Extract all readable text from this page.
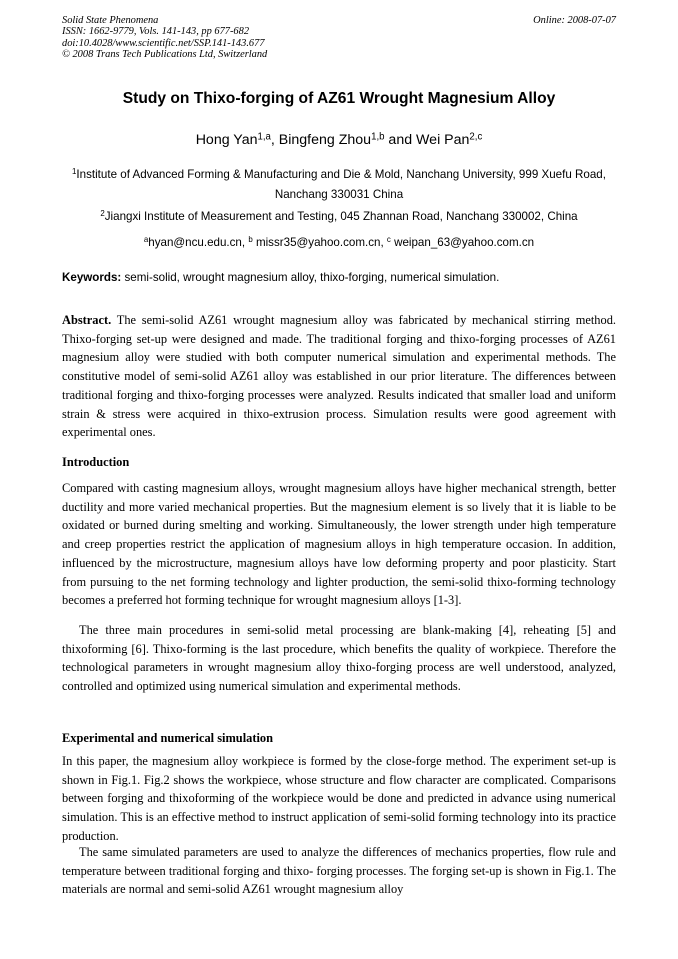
Solid State Phenomena
ISSN: 1662-9779, Vols. 141-143, pp 677-682
doi:10.4028/www.scientific.net/SSP.141-143.677
© 2008 Trans Tech Publications Ltd, Switzerland
Online: 2008-07-07
Study on Thixo-forging of AZ61 Wrought Magnesium Alloy
Hong Yan$^{1,a}$, Bingfeng Zhou$^{1,b}$ and Wei Pan$^{2,c}$
$^1$Institute of Advanced Forming & Manufacturing and Die & Mold, Nanchang University, 999 Xuefu Road, Nanchang 330031 China
$^2$Jiangxi Institute of Measurement and Testing, 045 Zhannan Road, Nanchang 330002, China
$^a$hyan@ncu.edu.cn, $^b$ missr35@yahoo.com.cn, $^c$ weipan_63@yahoo.com.cn
Keywords: semi-solid, wrought magnesium alloy, thixo-forging, numerical simulation.
Abstract. The semi-solid AZ61 wrought magnesium alloy was fabricated by mechanical stirring method. Thixo-forging set-up were designed and made. The traditional forging and thixo-forging processes of AZ61 magnesium alloy were studied with both computer numerical simulation and experimental methods. The constitutive model of semi-solid AZ61 alloy was established in our prior literature. The differences between traditional forging and thixo-forging processes were analyzed. Results indicated that smaller load and uniform strain & stress were acquired in thixo-extrusion process. Simulation results were good agreement with experimental ones.
Introduction
Compared with casting magnesium alloys, wrought magnesium alloys have higher mechanical strength, better ductility and more varied mechanical properties. But the magnesium element is so lively that it is liable to be oxidated or burned during smelting and working. Simultaneously, the lower strength under high temperature and creep properties restrict the application of magnesium alloys in high temperature occasion. In addition, influenced by the microstructure, magnesium alloys have low deforming property and poor plasticity. Start from pursuing to the net forming technology and lighter production, the semi-solid thixo-forming technology becomes a preferred hot forming technique for wrought magnesium alloys [1-3].
The three main procedures in semi-solid metal processing are blank-making [4], reheating [5] and thixoforming [6]. Thixo-forming is the last procedure, which benefits the quality of workpiece. Therefore the technological parameters in wrought magnesium alloy thixo-forging process are well understood, analyzed, controlled and optimized using numerical simulation and experimental methods.
Experimental and numerical simulation
In this paper, the magnesium alloy workpiece is formed by the close-forge method. The experiment set-up is shown in Fig.1. Fig.2 shows the workpiece, whose structure and flow character are complicated. Comparisons between forging and thixoforming of the workpiece would be done and predicted in advance using numerical simulation. This is an effective method to instruct application of semi-solid forming technology into its practice production.
The same simulated parameters are used to analyze the differences of mechanics properties, flow rule and temperature between traditional forging and thixo- forging processes. The forging set-up is shown in Fig.1. The materials are normal and semi-solid AZ61 wrought magnesium alloy
